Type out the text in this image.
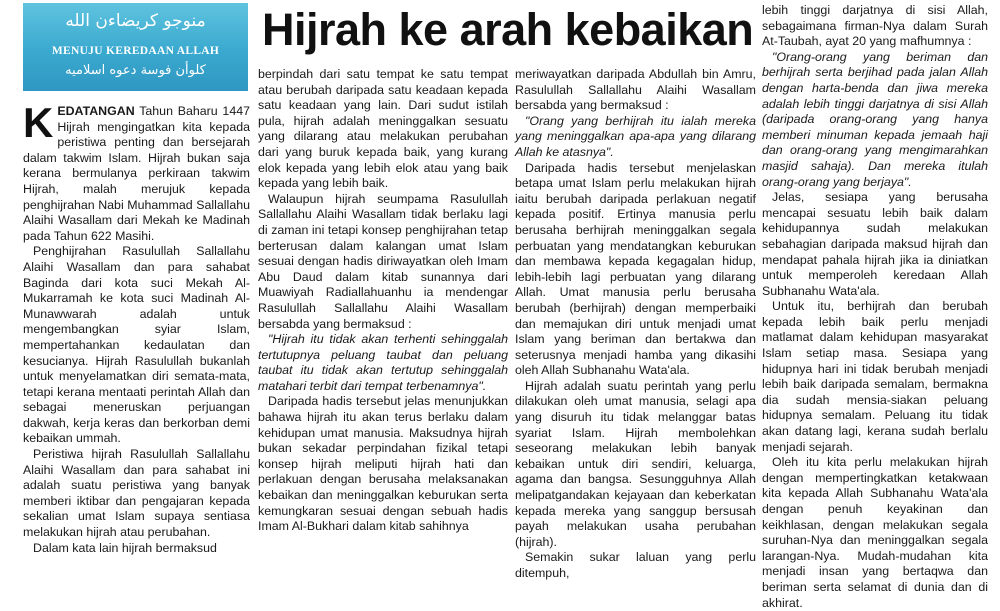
منوجو كريضاءن الله
MENUJU KEREDAAN ALLAH
كلوأن فوسة دعوه اسلاميه
Hijrah ke arah kebaikan

KEDATANGAN Tahun Baharu 1447 Hijrah mengingatkan kita kepada peristiwa penting dan bersejarah dalam takwim Islam. Hijrah bukan saja kerana bermulanya perkiraan takwim Hijrah, malah merujuk kepada penghijrahan Nabi Muhammad Sallallahu Alaihi Wasallam dari Mekah ke Madinah pada Tahun 622 Masihi.

Penghijrahan Rasulullah Sallallahu Alaihi Wasallam dan para sahabat Baginda dari kota suci Mekah Al-Mukarramah ke kota suci Madinah Al-Munawwarah adalah untuk mengembangkan syiar Islam, mempertahankan kedaulatan dan kesucianya. Hijrah Rasulullah bukanlah untuk menyelamatkan diri semata-mata, tetapi kerana mentaati perintah Allah dan sebagai meneruskan perjuangan dakwah, kerja keras dan berkorban demi kebaikan ummah.

Peristiwa hijrah Rasulullah Sallallahu Alaihi Wasallam dan para sahabat ini adalah suatu peristiwa yang banyak memberi iktibar dan pengajaran kepada sekalian umat Islam supaya sentiasa melakukan hijrah atau perubahan.

Dalam kata lain hijrah bermaksud

berpindah dari satu tempat ke satu tempat atau berubah daripada satu keadaan kepada satu keadaan yang lain. Dari sudut istilah pula, hijrah adalah meninggalkan sesuatu yang dilarang atau melakukan perubahan dari yang buruk kepada baik, yang kurang elok kepada yang lebih elok atau yang baik kepada yang lebih baik.

Walaupun hijrah seumpama Rasulullah Sallallahu Alaihi Wasallam tidak berlaku lagi di zaman ini tetapi konsep penghijrahan tetap berterusan dalam kalangan umat Islam sesuai dengan hadis diriwayatkan oleh Imam Abu Daud dalam kitab sunannya dari Muawiyah Radiallahuanhu ia mendengar Rasulullah Sallallahu Alaihi Wasallam bersabda yang bermaksud :

"Hijrah itu tidak akan terhenti sehinggalah tertutupnya peluang taubat dan peluang taubat itu tidak akan tertutup sehinggalah matahari terbit dari tempat terbenamnya".

Daripada hadis tersebut jelas menunjukkan bahawa hijrah itu akan terus berlaku dalam kehidupan umat manusia. Maksudnya hijrah bukan sekadar perpindahan fizikal tetapi konsep hijrah meliputi hijrah hati dan perlakuan dengan berusaha melaksanakan kebaikan dan meninggalkan keburukan serta kemungkaran sesuai dengan sebuah hadis Imam Al-Bukhari dalam kitab sahihnya

meriwayatkan daripada Abdullah bin Amru, Rasulullah Sallallahu Alaihi Wasallam bersabda yang bermaksud :

"Orang yang berhijrah itu ialah mereka yang meninggalkan apa-apa yang dilarang Allah ke atasnya".

Daripada hadis tersebut menjelaskan betapa umat Islam perlu melakukan hijrah iaitu berubah daripada perlakuan negatif kepada positif. Ertinya manusia perlu berusaha berhijrah meninggalkan segala perbuatan yang mendatangkan keburukan dan membawa kepada kegagalan hidup, lebih-lebih lagi perbuatan yang dilarang Allah. Umat manusia perlu berusaha berubah (berhijrah) dengan memperbaiki dan memajukan diri untuk menjadi umat Islam yang beriman dan bertakwa dan seterusnya menjadi hamba yang dikasihi oleh Allah Subhanahu Wata'ala.

Hijrah adalah suatu perintah yang perlu dilakukan oleh umat manusia, selagi apa yang disuruh itu tidak melanggar batas syariat Islam. Hijrah membolehkan seseorang melakukan lebih banyak kebaikan untuk diri sendiri, keluarga, agama dan bangsa. Sesungguhnya Allah melipatgandakan kejayaan dan keberkatan kepada mereka yang sanggup bersusah payah melakukan usaha perubahan (hijrah).

Semakin sukar laluan yang perlu ditempuh,

lebih tinggi darjatnya di sisi Allah, sebagaimana firman-Nya dalam Surah At-Taubah, ayat 20 yang mafhumnya :

"Orang-orang yang beriman dan berhijrah serta berjihad pada jalan Allah dengan harta-benda dan jiwa mereka adalah lebih tinggi darjatnya di sisi Allah (daripada orang-orang yang hanya memberi minuman kepada jemaah haji dan orang-orang yang mengimarahkan masjid sahaja). Dan mereka itulah orang-orang yang berjaya".

Jelas, sesiapa yang berusaha mencapai sesuatu lebih baik dalam kehidupannya sudah melakukan sebahagian daripada maksud hijrah dan mendapat pahala hijrah jika ia diniatkan untuk memperoleh keredaan Allah Subhanahu Wata'ala.

Untuk itu, berhijrah dan berubah kepada lebih baik perlu menjadi matlamat dalam kehidupan masyarakat Islam setiap masa. Sesiapa yang hidupnya hari ini tidak berubah menjadi lebih baik daripada semalam, bermakna dia sudah mensia-siakan peluang hidupnya semalam. Peluang itu tidak akan datang lagi, kerana sudah berlalu menjadi sejarah.

Oleh itu kita perlu melakukan hijrah dengan mempertingkatkan ketakwaan kita kepada Allah Subhanahu Wata'ala dengan penuh keyakinan dan keikhlasan, dengan melakukan segala suruhan-Nya dan meninggalkan segala larangan-Nya. Mudah-mudahan kita menjadi insan yang bertaqwa dan beriman serta selamat di dunia dan di akhirat.
